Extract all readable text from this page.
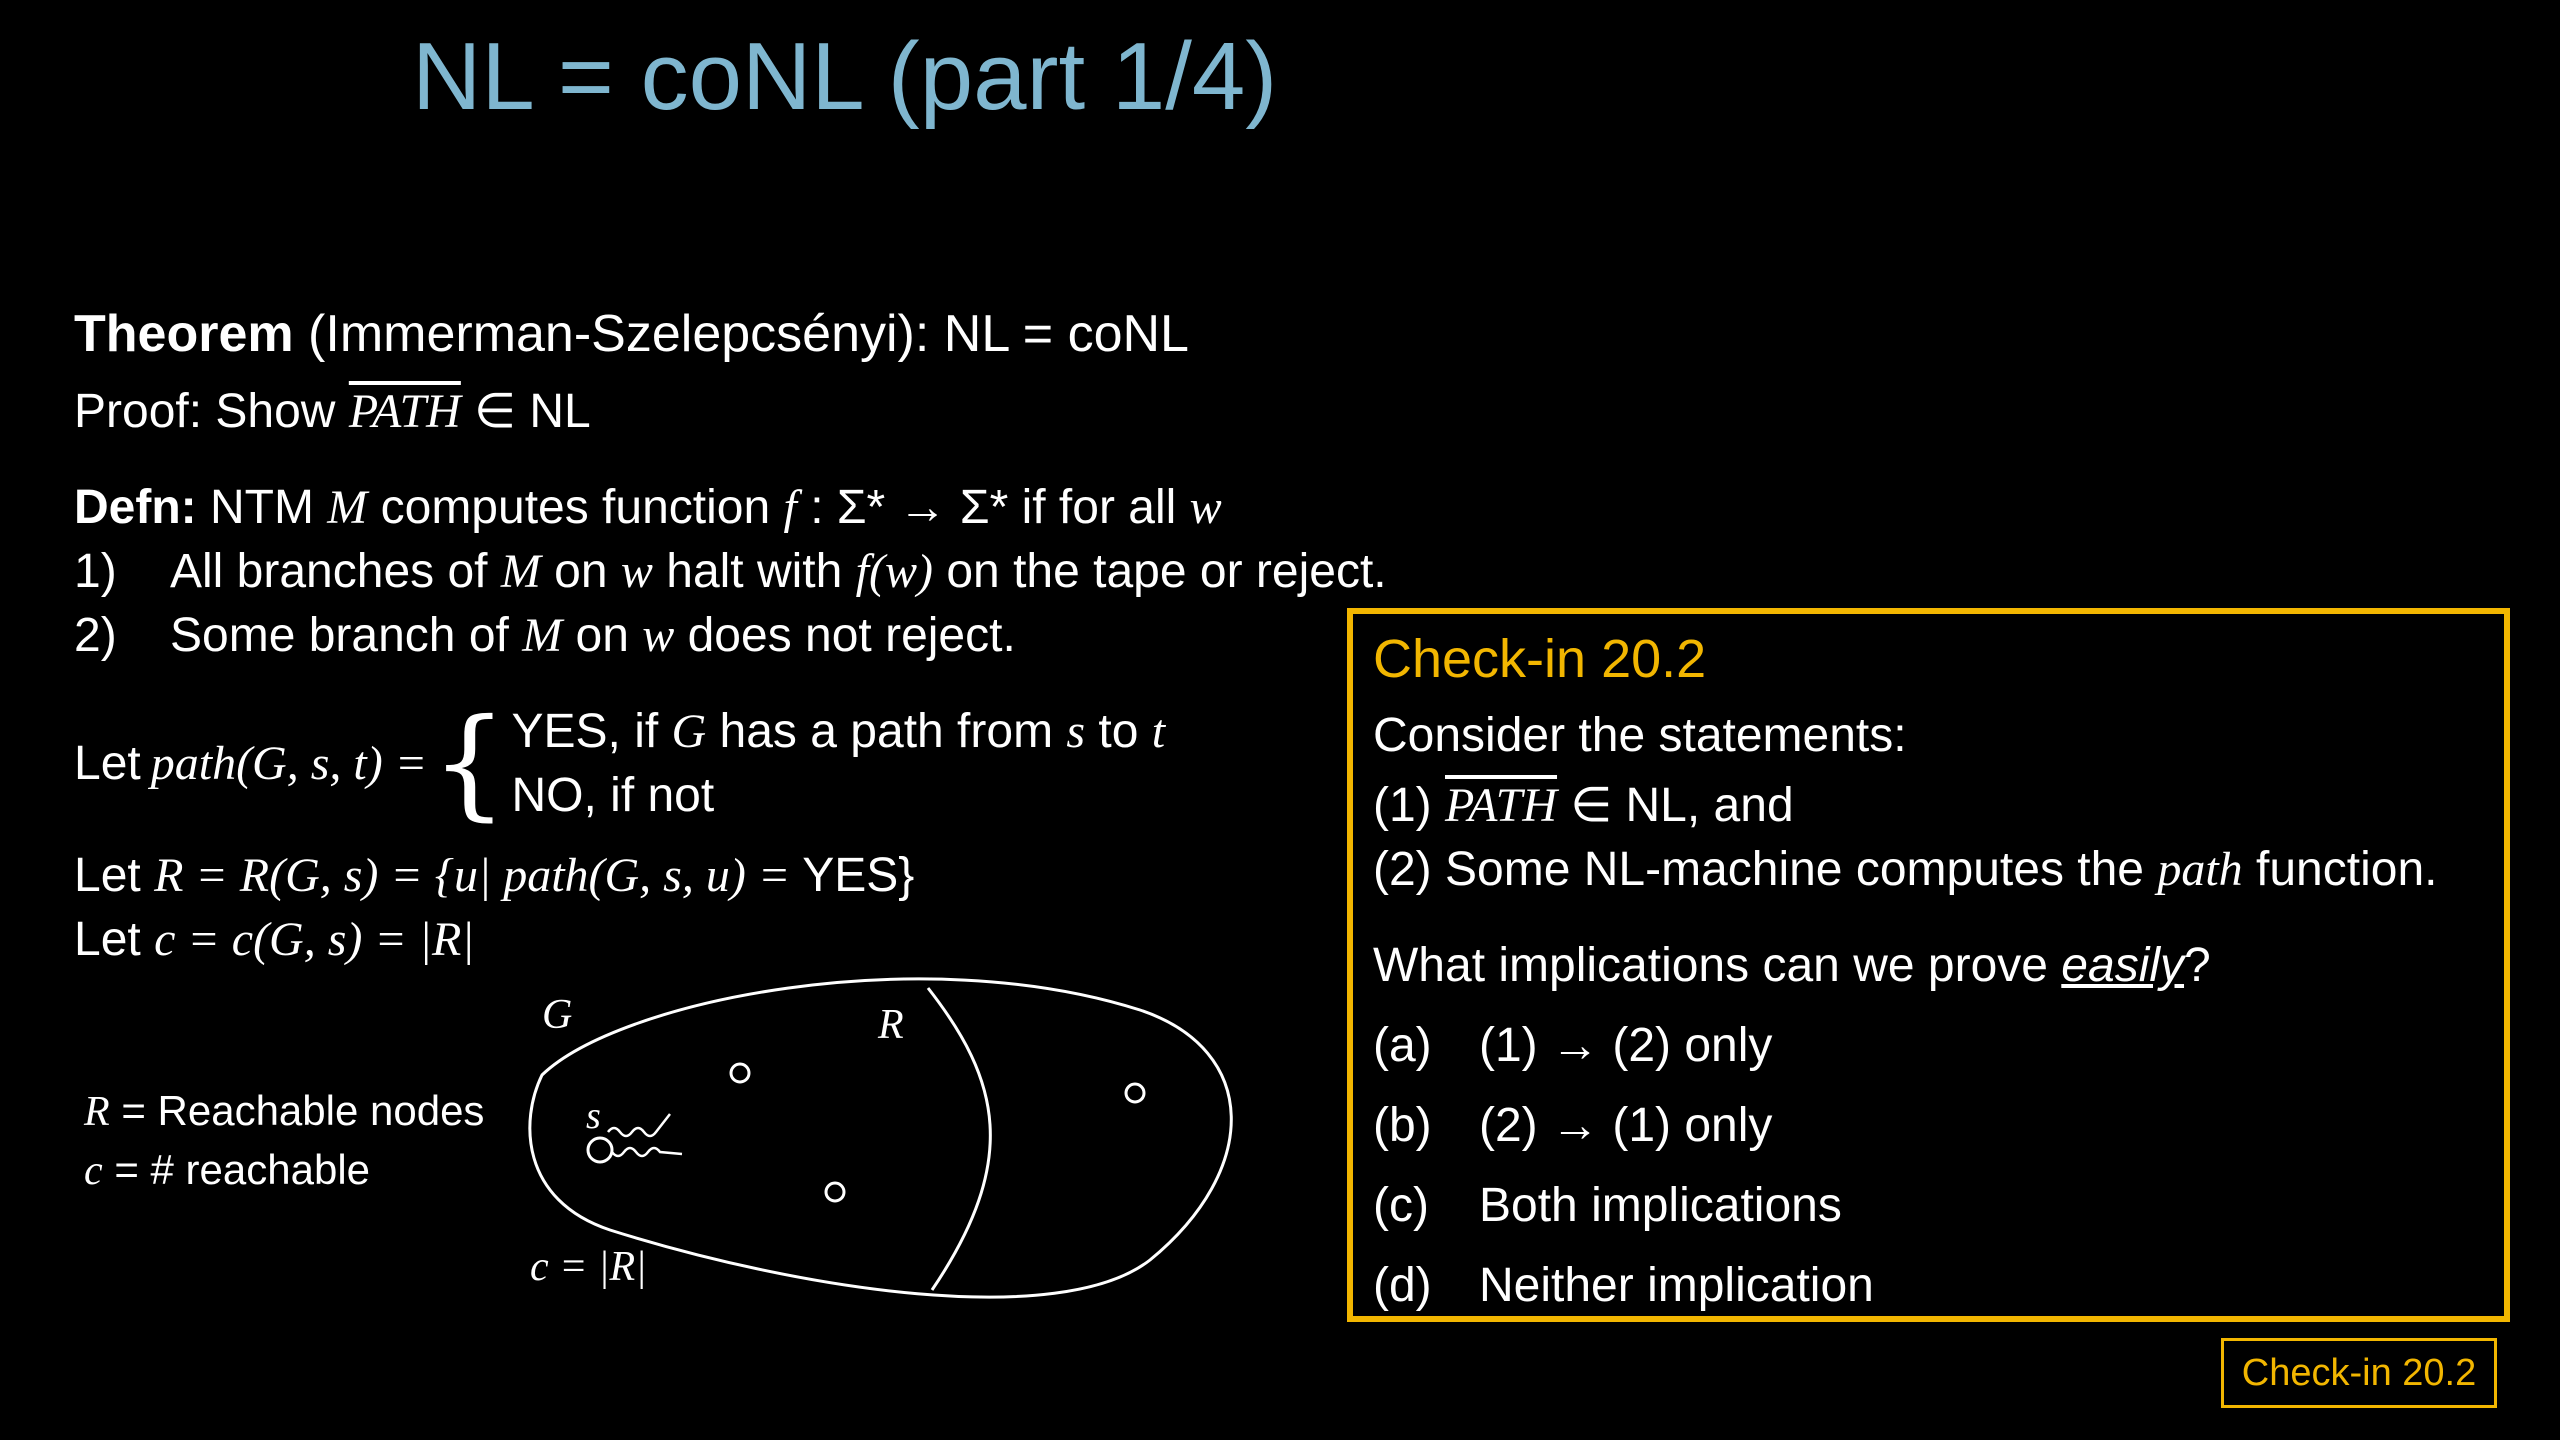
NL = coNL (part 1/4)
Theorem (Immerman-Szelepcsényi): NL = coNL
Proof: Show PATH ∈ NL
Defn: NTM M computes function f : Σ* → Σ* if for all w
1) All branches of M on w halt with f(w) on the tape or reject.
2) Some branch of M on w does not reject.
Let path(G, s, t) = { YES, if G has a path from s to t
NO, if not
Let R = R(G, s) = {u| path(G, s, u) = YES}
Let c = c(G, s) = |R|
R = Reachable nodes
c = # reachable
G	R
s
c = |R|
Check-in 20.2
Consider the statements:
(1) PATH ∈ NL, and
(2) Some NL-machine computes the path function.
What implications can we prove easily?
(a) (1) → (2) only
(b) (2) → (1) only
(c) Both implications
(d) Neither implication
Check-in 20.2
